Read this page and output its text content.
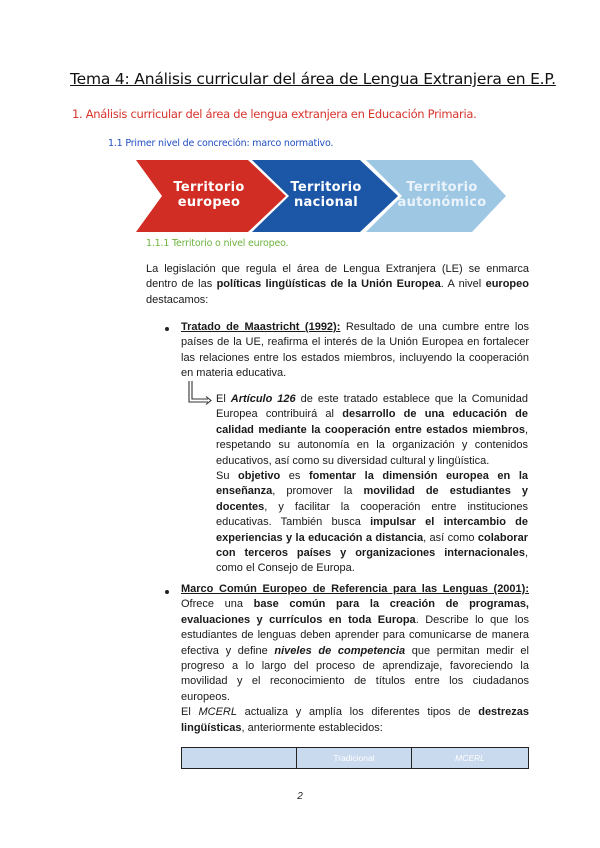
Tema 4: Análisis curricular del área de Lengua Extranjera en E.P.
1. Análisis curricular del área de lengua extranjera en Educación Primaria.
1.1 Primer nivel de concreción: marco normativo.
Territorio
europeo
Territorio
nacional
Territorio
autonómico
1.1.1 Territorio o nivel europeo.
La legislación que regula el área de Lengua Extranjera (LE) se enmarca dentro de las políticas lingüísticas de la Unión Europea. A nivel europeo destacamos:
Tratado de Maastricht (1992): Resultado de una cumbre entre los países de la UE, reafirma el interés de la Unión Europea en fortalecer las relaciones entre los estados miembros, incluyendo la cooperación en materia educativa.
El Artículo 126 de este tratado establece que la Comunidad Europea contribuirá al desarrollo de una educación de calidad mediante la cooperación entre estados miembros, respetando su autonomía en la organización y contenidos educativos, así como su diversidad cultural y lingüística.
Su objetivo es fomentar la dimensión europea en la enseñanza, promover la movilidad de estudiantes y docentes, y facilitar la cooperación entre instituciones educativas. También busca impulsar el intercambio de experiencias y la educación a distancia, así como colaborar con terceros países y organizaciones internacionales, como el Consejo de Europa.
Marco Común Europeo de Referencia para las Lenguas (2001): Ofrece una base común para la creación de programas, evaluaciones y currículos en toda Europa. Describe lo que los estudiantes de lenguas deben aprender para comunicarse de manera efectiva y define niveles de competencia que permitan medir el progreso a lo largo del proceso de aprendizaje, favoreciendo la movilidad y el reconocimiento de títulos entre los ciudadanos europeos.
El MCERL actualiza y amplía los diferentes tipos de destrezas lingüísticas, anteriormente establecidos:
Tradicional	MCERL
2
